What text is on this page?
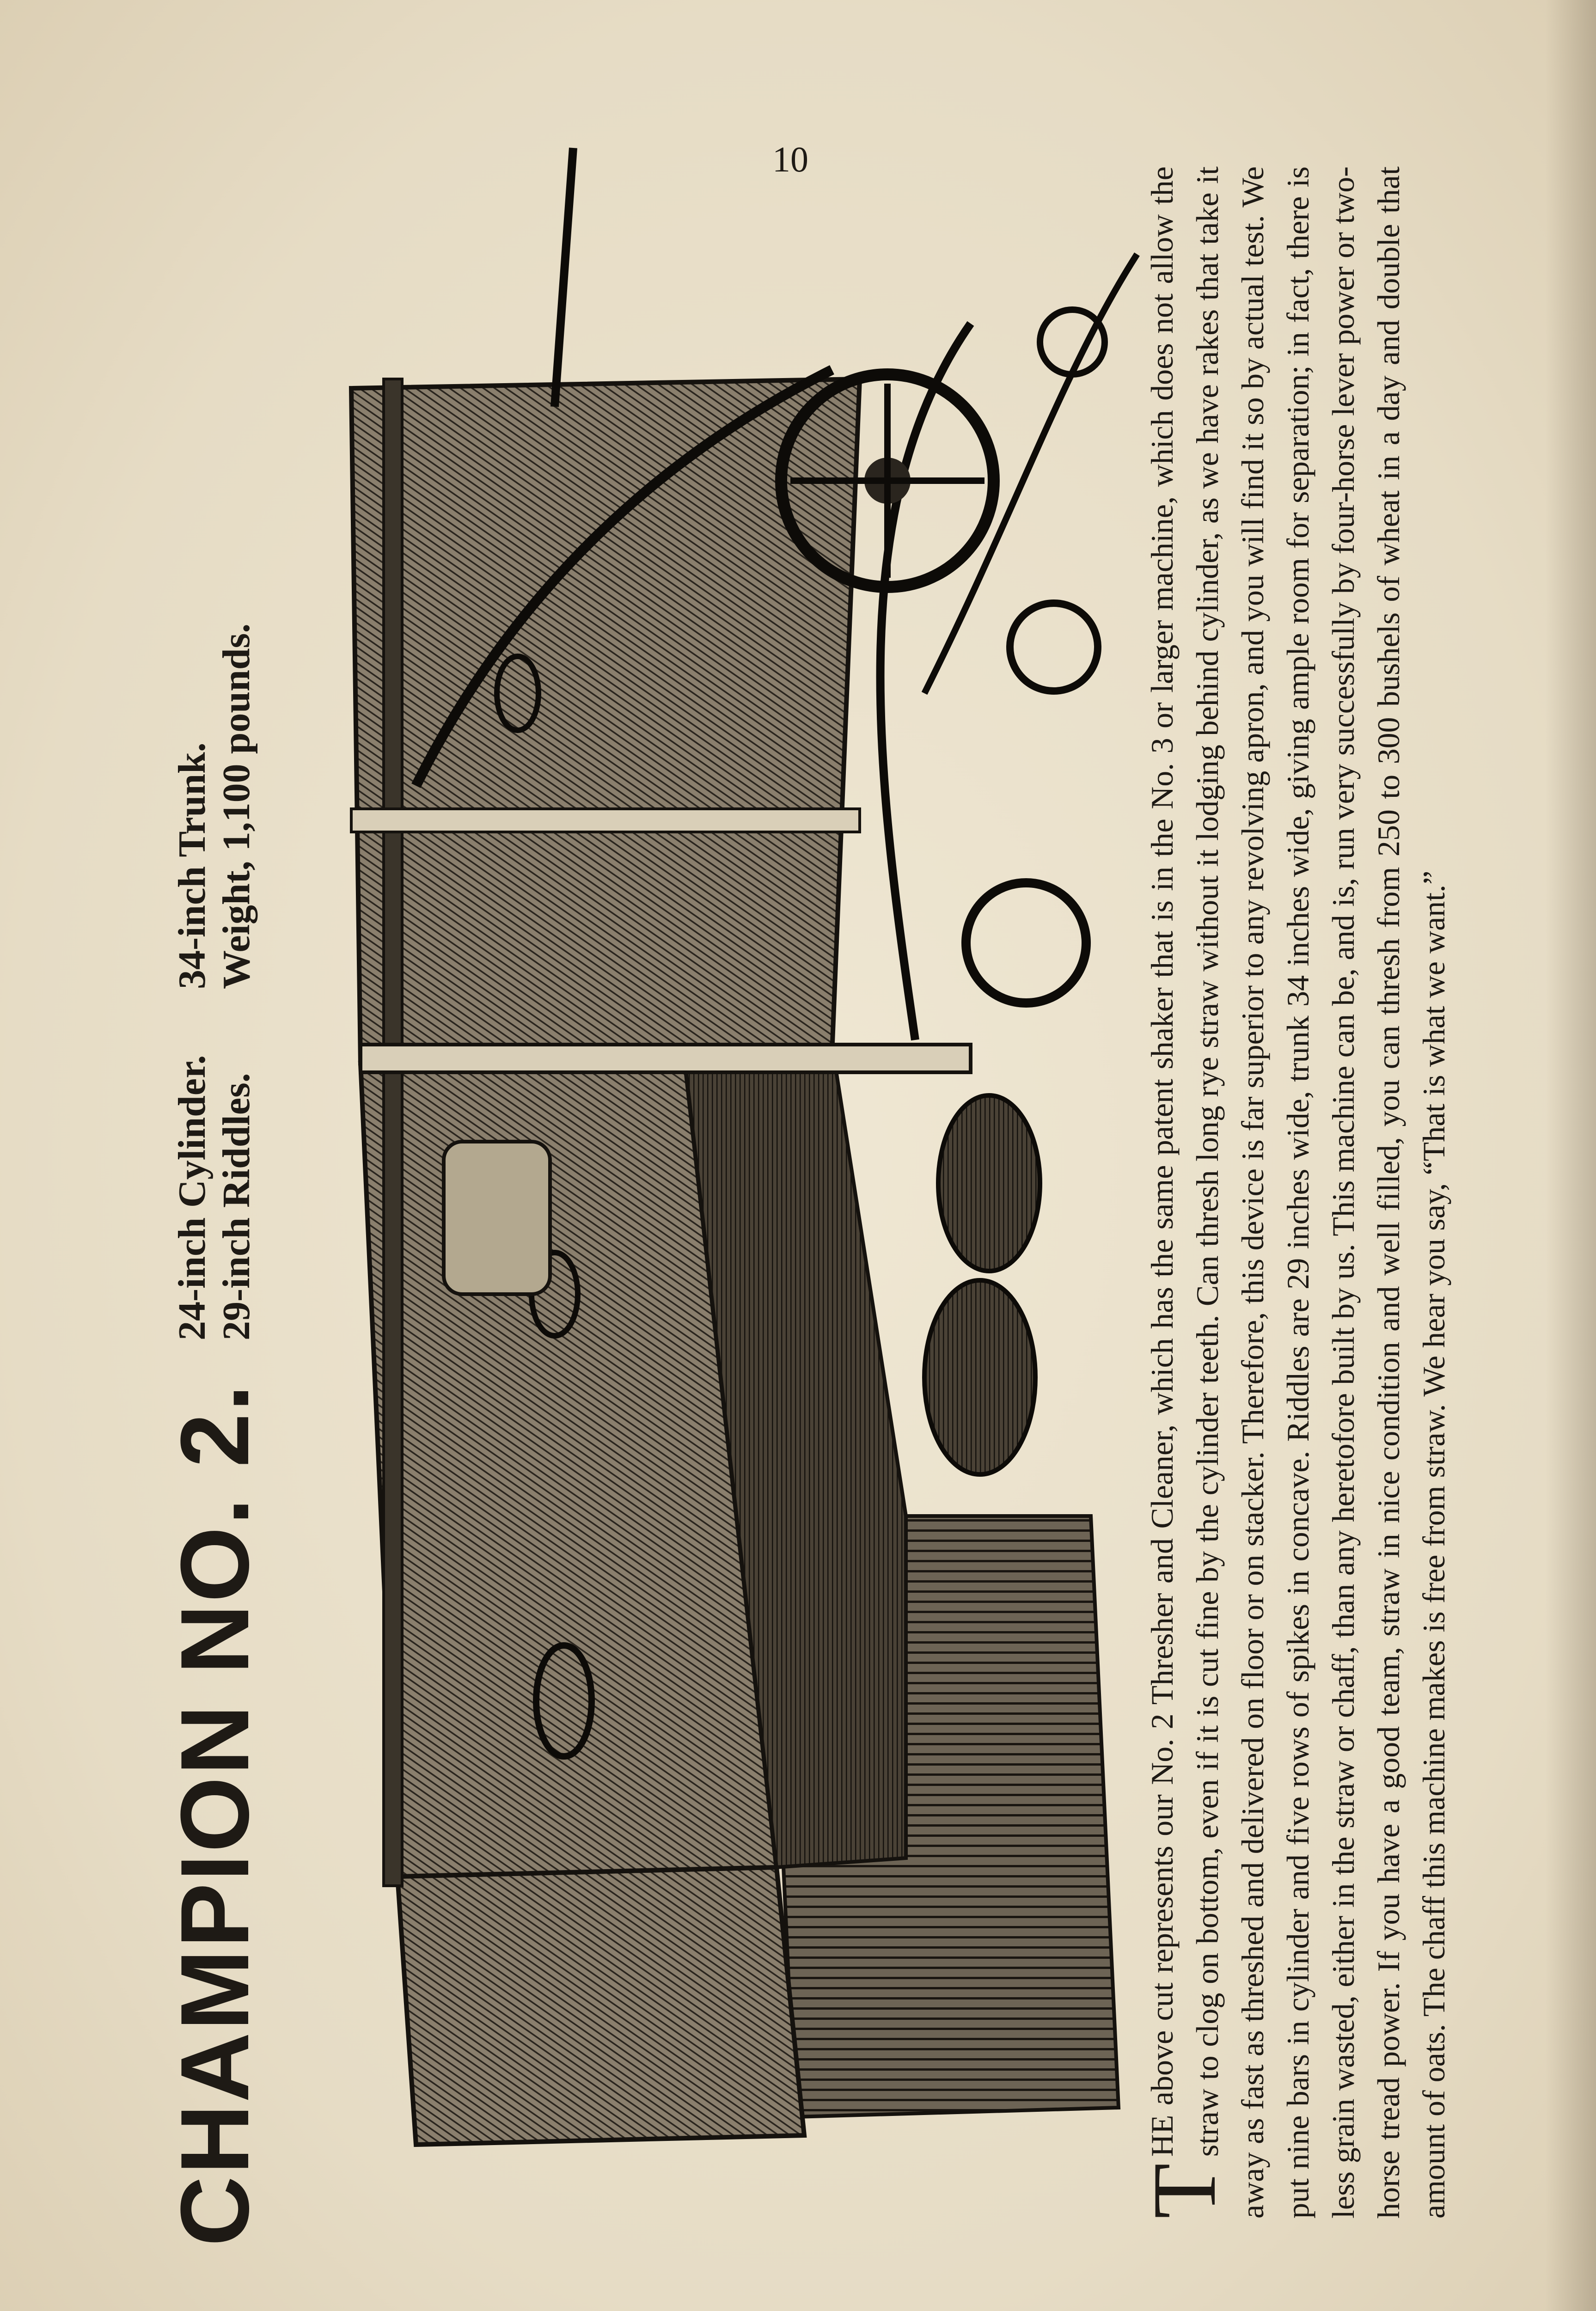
10
CHAMPION NO. 2.
24-inch Cylinder.34-inch Trunk.
29-inch Riddles.Weight, 1,100 pounds.
T
HE above cut represents our No. 2 Thresher and Cleaner, which has the same patent shaker that is in the No. 3 or larger machine, which does not allow the straw to clog on bottom, even if it is cut fine by the cylinder teeth. Can thresh long rye straw without it lodging behind cylinder, as we have rakes that take it away as fast as threshed and delivered on floor or on stacker. Therefore, this device is far superior to any revolving apron, and you will find it so by actual test. We put nine bars in cylinder and five rows of spikes in concave. Riddles are 29 inches wide, trunk 34 inches wide, giving ample room for separation; in fact, there is less grain wasted, either in the straw or chaff, than any heretofore built by us. This machine can be, and is, run very successfully by four-horse lever power or two-horse tread power. If you have a good team, straw in nice condition and well filled, you can thresh from 250 to 300 bushels of wheat in a day and double that amount of oats. The chaff this machine makes is free from straw. We hear you say, “That is what we want.”
